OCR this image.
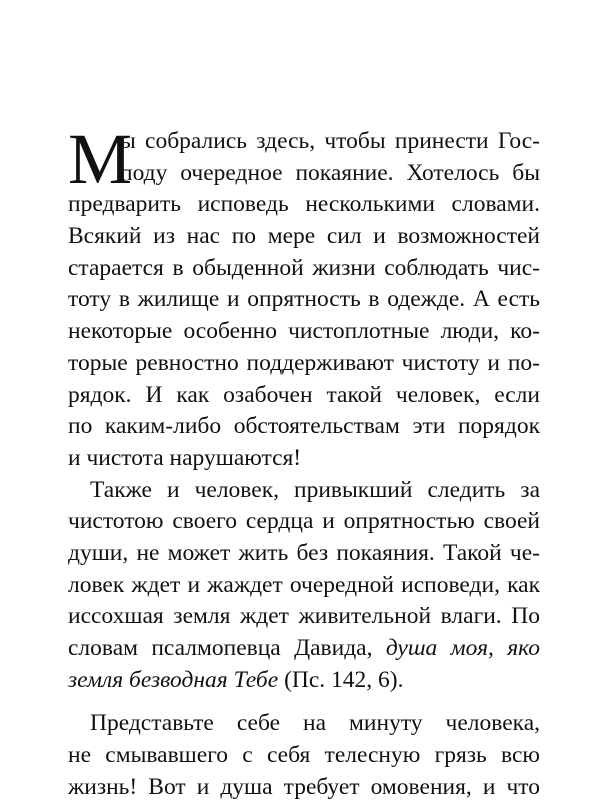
М
ы собрались здесь, чтобы принести Гос-
поду очередное покаяние. Хотелось бы
предварить исповедь несколькими словами.
Всякий из нас по мере сил и возможностей
старается в обыденной жизни соблюдать чис-
тоту в жилище и опрятность в одежде. А есть
некоторые особенно чистоплотные люди, ко-
торые ревностно поддерживают чистоту и по-
рядок. И как озабочен такой человек, если
по каким-либо обстоятельствам эти порядок
и чистота нарушаются!
Также и человек, привыкший следить за
чистотою своего сердца и опрятностью своей
души, не может жить без покаяния. Такой че-
ловек ждет и жаждет очередной исповеди, как
иссохшая земля ждет живительной влаги. По
словам псалмопевца Давида, душа моя, яко
земля безводная Тебе (Пс. 142, 6).
Представьте себе на минуту человека,
не смывавшего с себя телесную грязь всю
жизнь! Вот и душа требует омовения, и что
